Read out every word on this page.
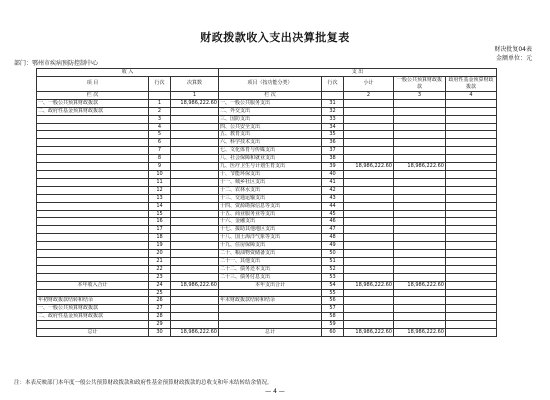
财政拨款收入支出决算批复表
财决批复04表
金额单位：元
部门：鄂州市疾病预防控制中心
收 入			支 出				
项 目	行次	决算数	项目（按功能分类）	行次	小计	一般公共预算财政拨款	政府性基金预算财政拨款

栏 次		1	栏 次		2	3	4
一、一般公共预算财政拨款	1	18,986,222.60	一、一般公共服务支出	31			
二、政府性基金预算财政拨款	2		二、外交支出	32			
	3		三、国防支出	33			
	4		四、公共安全支出	34			
	5		五、教育支出	35			
	6		六、科学技术支出	36			
	7		七、文化体育与传媒支出	37			
	8		八、社会保障和就业支出	38			
	9		九、医疗卫生与计划生育支出	39	18,986,222.60	18,986,222.60	
	10		十、节能环保支出	40			
	11		十一、城乡社区支出	41			
	12		十二、农林水支出	42			
	13		十三、交通运输支出	43			
	14		十四、资源勘探信息等支出	44			
	15		十五、商业服务业等支出	45			
	16		十六、金融支出	46			
	17		十七、援助其他地区支出	47			
	18		十八、国土海洋气象等支出	48			
	19		十九、住房保障支出	49			
	20		二十、粮油物资储备支出	50			
	21		二十一、其他支出	51			
	22		二十二、债务还本支出	52			
	23		二十三、债务付息支出	53			
本年收入合计	24	18,986,222.60	本年支出合计	54	18,986,222.60	18,986,222.60	
	25			55			
年初财政拨款结转和结余	26		年末财政拨款结转和结余	56			
一、一般公共预算财政拨款	27			57			
二、政府性基金预算财政拨款	28			58			
	29			59			
总计	30	18,986,222.60	总计	60	18,986,222.60	18,986,222.60	
注：本表反映部门本年度一般公共预算财政拨款和政府性基金预算财政拨款的总收支和年末结转结余情况。
— 4 —
